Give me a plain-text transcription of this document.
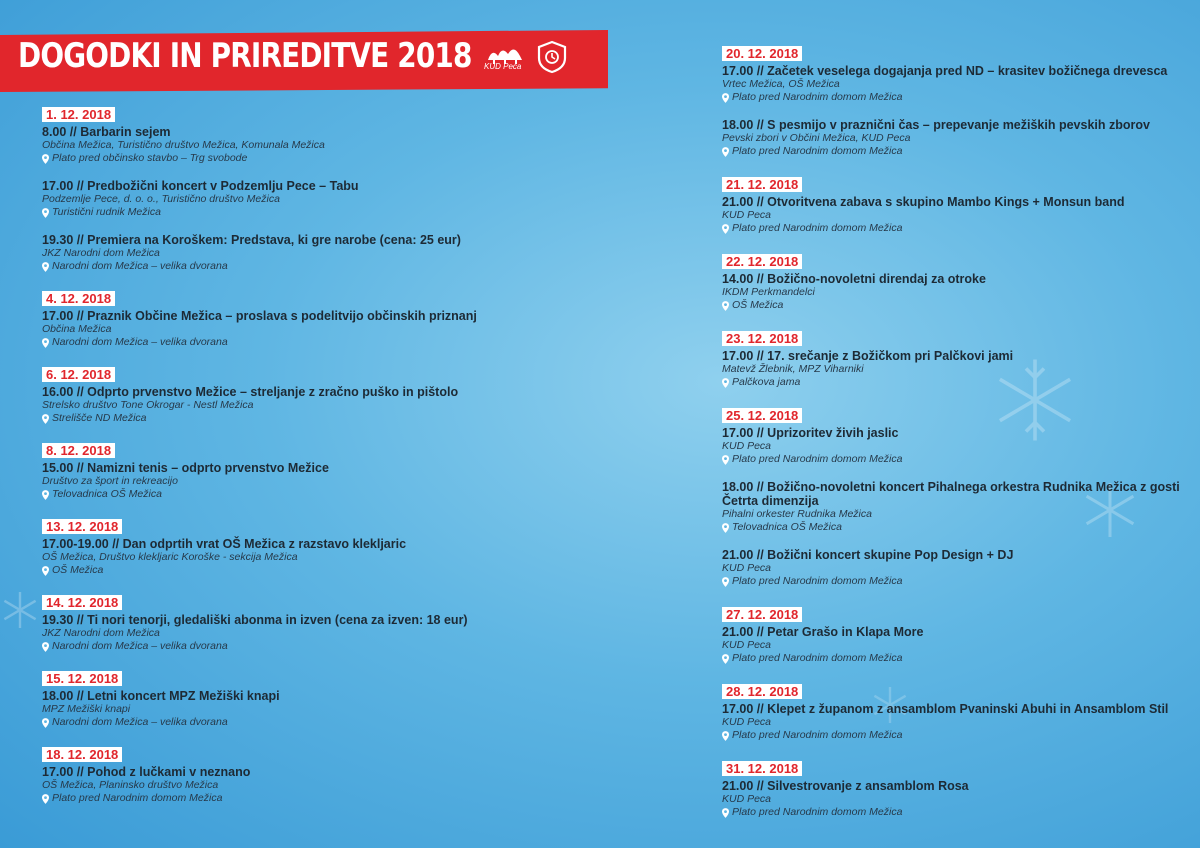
DOGODKI IN PRIREDITVE 2018 KUD Peca
1. 12. 2018
8.00 // Barbarin sejem
Občina Mežica, Turistično društvo Mežica, Komunala Mežica
Plato pred občinsko stavbo – Trg svobode
17.00 // Predbožični koncert v Podzemlju Pece – Tabu
Podzemlje Pece, d. o. o., Turistično društvo Mežica
Turistični rudnik Mežica
19.30 // Premiera na Koroškem: Predstava, ki gre narobe (cena: 25 eur)
JKZ Narodni dom Mežica
Narodni dom Mežica – velika dvorana
4. 12. 2018
17.00 // Praznik Občine Mežica – proslava s podelitvijo občinskih priznanj
Občina Mežica
Narodni dom Mežica – velika dvorana
6. 12. 2018
16.00 // Odprto prvenstvo Mežice – streljanje z zračno puško in pištolo
Strelsko društvo Tone Okrogar - Nestl Mežica
Strelišče ND Mežica
8. 12. 2018
15.00 // Namizni tenis – odprto prvenstvo Mežice
Društvo za šport in rekreacijo
Telovadnica OŠ Mežica
13. 12. 2018
17.00-19.00 // Dan odprtih vrat OŠ Mežica z razstavo klekljaric
OŠ Mežica, Društvo klekljaric Koroške - sekcija Mežica
OŠ Mežica
14. 12. 2018
19.30 // Ti nori tenorji, gledališki abonma in izven (cena za izven: 18 eur)
JKZ Narodni dom Mežica
Narodni dom Mežica – velika dvorana
15. 12. 2018
18.00 // Letni koncert MPZ Mežiški knapi
MPZ Mežiški knapi
Narodni dom Mežica – velika dvorana
18. 12. 2018
17.00 // Pohod z lučkami v neznano
OŠ Mežica, Planinsko društvo Mežica
Plato pred Narodnim domom Mežica
20. 12. 2018
17.00 // Začetek veselega dogajanja pred ND – krasitev božičnega drevesca
Vrtec Mežica, OŠ Mežica
Plato pred Narodnim domom Mežica
18.00 // S pesmijo v praznični čas – prepevanje mežiških pevskih zborov
Pevski zbori v Občini Mežica, KUD Peca
Plato pred Narodnim domom Mežica
21. 12. 2018
21.00 // Otvoritvena zabava s skupino Mambo Kings + Monsun band
KUD Peca
Plato pred Narodnim domom Mežica
22. 12. 2018
14.00 // Božično-novoletni direndaj za otroke
IKDM Perkmandelci
OŠ Mežica
23. 12. 2018
17.00 // 17. srečanje z Božičkom pri Palčkovi jami
Matevž Žlebnik, MPZ Viharniki
Palčkova jama
25. 12. 2018
17.00 // Uprizoritev živih jaslic
KUD Peca
Plato pred Narodnim domom Mežica
18.00 // Božično-novoletni koncert Pihalnega orkestra Rudnika Mežica z gosti Četrta dimenzija
Pihalni orkester Rudnika Mežica
Telovadnica OŠ Mežica
21.00 // Božični koncert skupine Pop Design + DJ
KUD Peca
Plato pred Narodnim domom Mežica
27. 12. 2018
21.00 // Petar Grašo in Klapa More
KUD Peca
Plato pred Narodnim domom Mežica
28. 12. 2018
17.00 // Klepet z županom z ansamblom Pvaninski Abuhi in Ansamblom Stil
KUD Peca
Plato pred Narodnim domom Mežica
31. 12. 2018
21.00 // Silvestrovanje z ansamblom Rosa
KUD Peca
Plato pred Narodnim domom Mežica
